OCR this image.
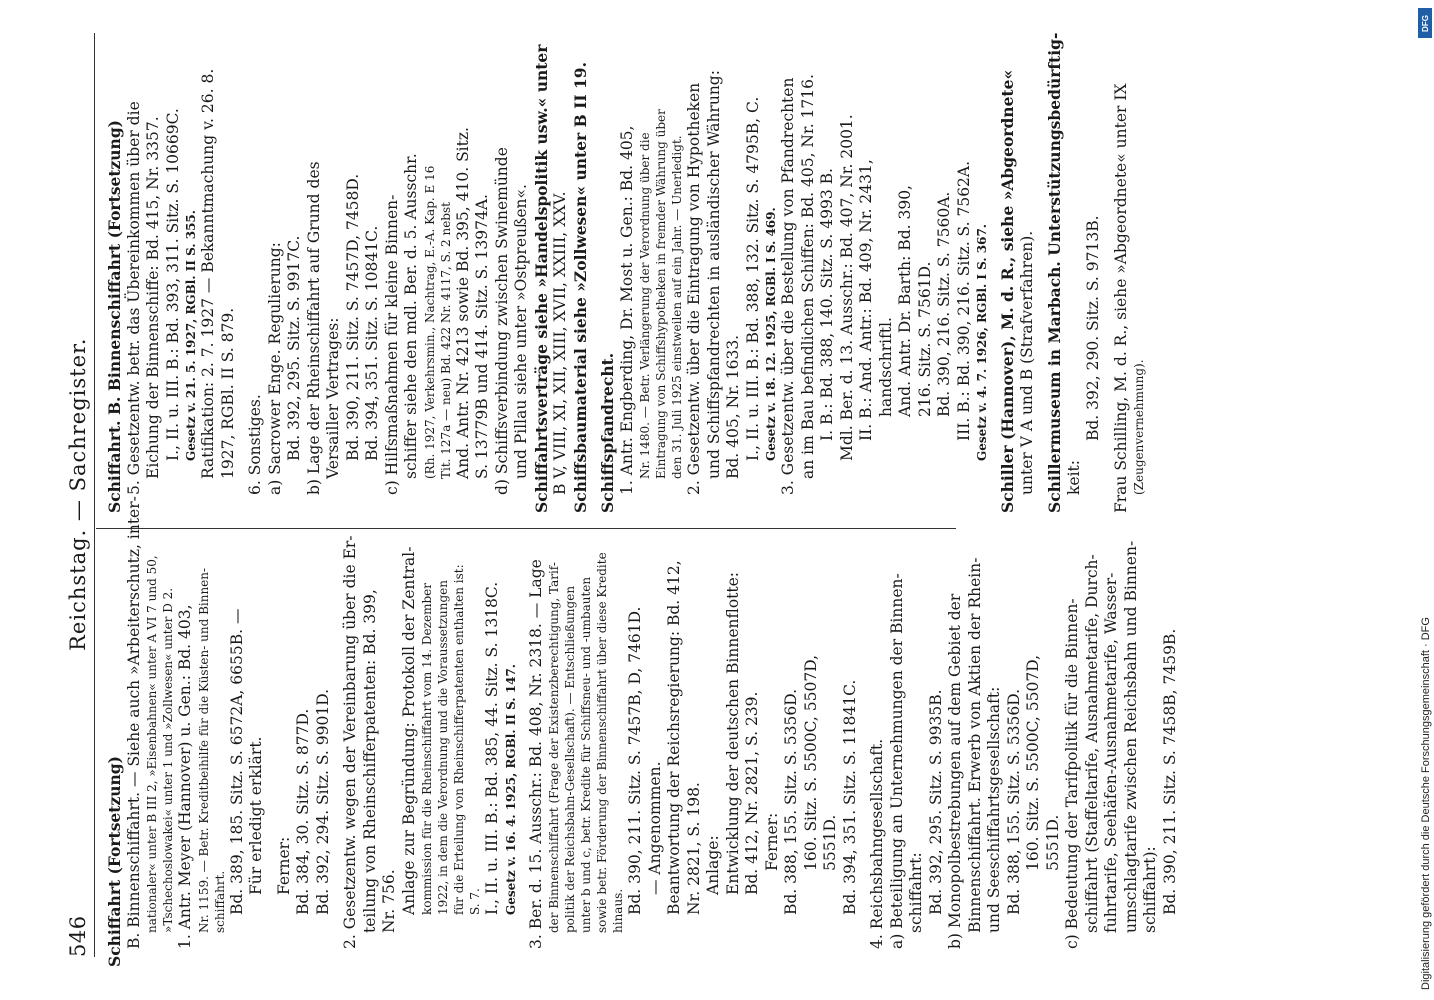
546
Reichstag. — Sachregister.
Schiffahrt (Fortsetzung) B. Binnenschiffahrt. — Siehe auch »Arbeiterschutz, inter- nationaler« unter B III 2, »Eisenbahnen« unter A VI 7 und 50, »Tschechoslowakei« unter 1 und »Zollwesen« unter D 2. 1. Antr. Meyer (Hannover) u. Gen.: Bd. 403, Nr. 1159. — Betr. Kreditbeihilfe für die Küsten- und Binnen- schiffahrt. Bd. 389, 185. Sitz. S. 6572A, 6655B. — Für erledigt erklärt. Ferner: Bd. 384, 30. Sitz. S. 877D. Bd. 392, 294. Sitz. S. 9901D. 2. Gesetzentw. wegen der Vereinbarung über die Er- teilung von Rheinschifferpatenten: Bd. 399, Nr. 756. Anlage zur Begründung: Protokoll der Zentral- kommission für die Rheinschiffahrt vom 14. Dezember 1922, in dem die Verordnung und die Voraussetzungen für die Erteilung von Rheinschifferpatenten enthalten ist: S. 7. I., II. u. III. B.: Bd. 385, 44. Sitz. S. 1318C. Gesetz v. 16. 4. 1925, RGBl. II S. 147. 3. Ber. d. 15. Ausschr.: Bd. 408, Nr. 2318. — Lage der Binnenschiffahrt (Frage der Existenzberechtigung, Tarif- politik der Reichsbahn-Gesellschaft). — Entschließungen unter b und c, betr. Kredite für Schiffsneu- und -umbauten sowie betr. Förderung der Binnenschiffahrt über diese Kredite hinaus. Bd. 390, 211. Sitz. S. 7457B, D, 7461D. — Angenommen. Beantwortung der Reichsregierung: Bd. 412, Nr. 2821, S. 198. Anlage: Entwicklung der deutschen Binnenflotte: Bd. 412, Nr. 2821, S. 239. Ferner: Bd. 388, 155. Sitz. S. 5356D. 160. Sitz. S. 5500C, 5507D, 5551D. Bd. 394, 351. Sitz. S. 11841C. 4. Reichsbahngesellschaft. a) Beteiligung an Unternehmungen der Binnen- schiffahrt: Bd. 392, 295. Sitz. S. 9935B. b) Monopolbestrebungen auf dem Gebiet der Binnenschiffahrt. Erwerb von Aktien der Rhein- und Seeschiffahrtsgesellschaft: Bd. 388, 155. Sitz. S. 5356D. 160. Sitz. S. 5500C, 5507D, 5551D. c) Bedeutung der Tarifpolitik für die Binnen- schiffahrt (Staffeltarife, Ausnahmetarife, Durch- fuhrtarife, Seehäfen-Ausnahmetarife, Wasser- umschlagtarife zwischen Reichsbahn und Binnen- schiffahrt): Bd. 390, 211. Sitz. S. 7458B, 7459B.
Schiffahrt. B. Binnenschiffahrt (Fortsetzung) 5. Gesetzentw. betr. das Übereinkommen über die Eichung der Binnenschiffe: Bd. 415, Nr. 3357. I., II. u. III. B.: Bd. 393, 311. Sitz. S. 10669C. Gesetz v. 21. 5. 1927, RGBl. II S. 355. Ratifikation: 2. 7. 1927 — Bekanntmachung v. 26. 8. 1927, RGBl. II S. 879. 6. Sonstiges. a) Sacrower Enge. Regulierung: Bd. 392, 295. Sitz. S. 9917C. b) Lage der Rheinschiffahrt auf Grund des Versailler Vertrages: Bd. 390, 211. Sitz. S. 7457D, 7458D. Bd. 394, 351. Sitz. S. 10841C. c) Hilfsmaßnahmen für kleine Binnen- schiffer siehe den mdl. Ber. d. 5. Ausschr. (Rh. 1927, Verkehrsmin., Nachtrag, E.-A. Kap. E 16 Tit. 127a — neu) Bd. 422 Nr. 4117, S. 2 nebst And. Antr. Nr. 4213 sowie Bd. 395, 410. Sitz. S. 13779B und 414. Sitz. S. 13974A. d) Schiffsverbindung zwischen Swinemünde und Pillau siehe unter »Ostpreußen«. Schiffahrtsverträge siehe »Handelspolitik usw.« unter B V, VIII, XI, XII, XIII, XVII, XXIII, XXV. Schiffsbaumaterial siehe »Zollwesen« unter B II 19. Schiffspfandrecht. 1. Antr. Engberding, Dr. Most u. Gen.: Bd. 405, Nr. 1480. — Betr. Verlängerung der Verordnung über die Eintragung von Schiffshypotheken in fremder Währung über den 31. Juli 1925 einstweilen auf ein Jahr. — Unerledigt. 2. Gesetzentw. über die Eintragung von Hypotheken und Schiffspfandrechten in ausländischer Währung: Bd. 405, Nr. 1633. I., II. u. III. B.: Bd. 388, 132. Sitz. S. 4795B, C. Gesetz v. 18. 12. 1925, RGBl. I S. 469. 3. Gesetzentw. über die Bestellung von Pfandrechten an im Bau befindlichen Schiffen: Bd. 405, Nr. 1716. I. B.: Bd. 388, 140. Sitz. S. 4993 B. Mdl. Ber. d. 13. Ausschr.: Bd. 407, Nr. 2001. II. B.: And. Antr.: Bd. 409, Nr. 2431, handschriftl. And. Antr. Dr. Barth: Bd. 390, 216. Sitz. S. 7561D. Bd. 390, 216. Sitz. S. 7560A. III. B.: Bd. 390, 216. Sitz. S. 7562A. Gesetz v. 4. 7. 1926, RGBl. I S. 367. Schiller (Hannover), M. d. R., siehe »Abgeordnete« unter V A und B (Strafverfahren). Schillermuseum in Marbach. Unterstützungsbedürftig- keit:
Bd. 392, 290. Sitz. S. 9713B. Frau Schilling, M. d. R., siehe »Abgeordnete« unter IX (Zeugenvernehmung).
DFG
Digitalisierung gefördert durch die Deutsche Forschungsgemeinschaft · DFG
